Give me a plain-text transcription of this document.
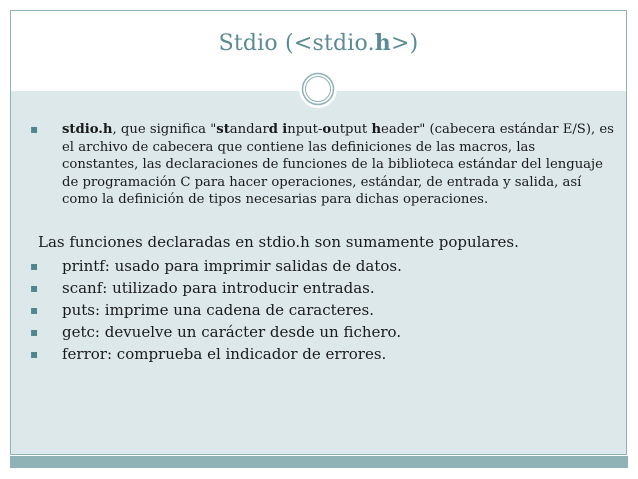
Stdio (<stdio.h>)
▪ stdio.h, que significa "standard input-output header" (cabecera estándar E/S), es el archivo de cabecera que contiene las definiciones de las macros, las constantes, las declaraciones de funciones de la biblioteca estándar del lenguaje de programación C para hacer operaciones, estándar, de entrada y salida, así como la definición de tipos necesarias para dichas operaciones.
Las funciones declaradas en stdio.h son sumamente populares.
▪ printf: usado para imprimir salidas de datos.
▪ scanf: utilizado para introducir entradas.
▪ puts: imprime una cadena de caracteres.
▪ getc: devuelve un carácter desde un fichero.
▪ ferror: comprueba el indicador de errores.
